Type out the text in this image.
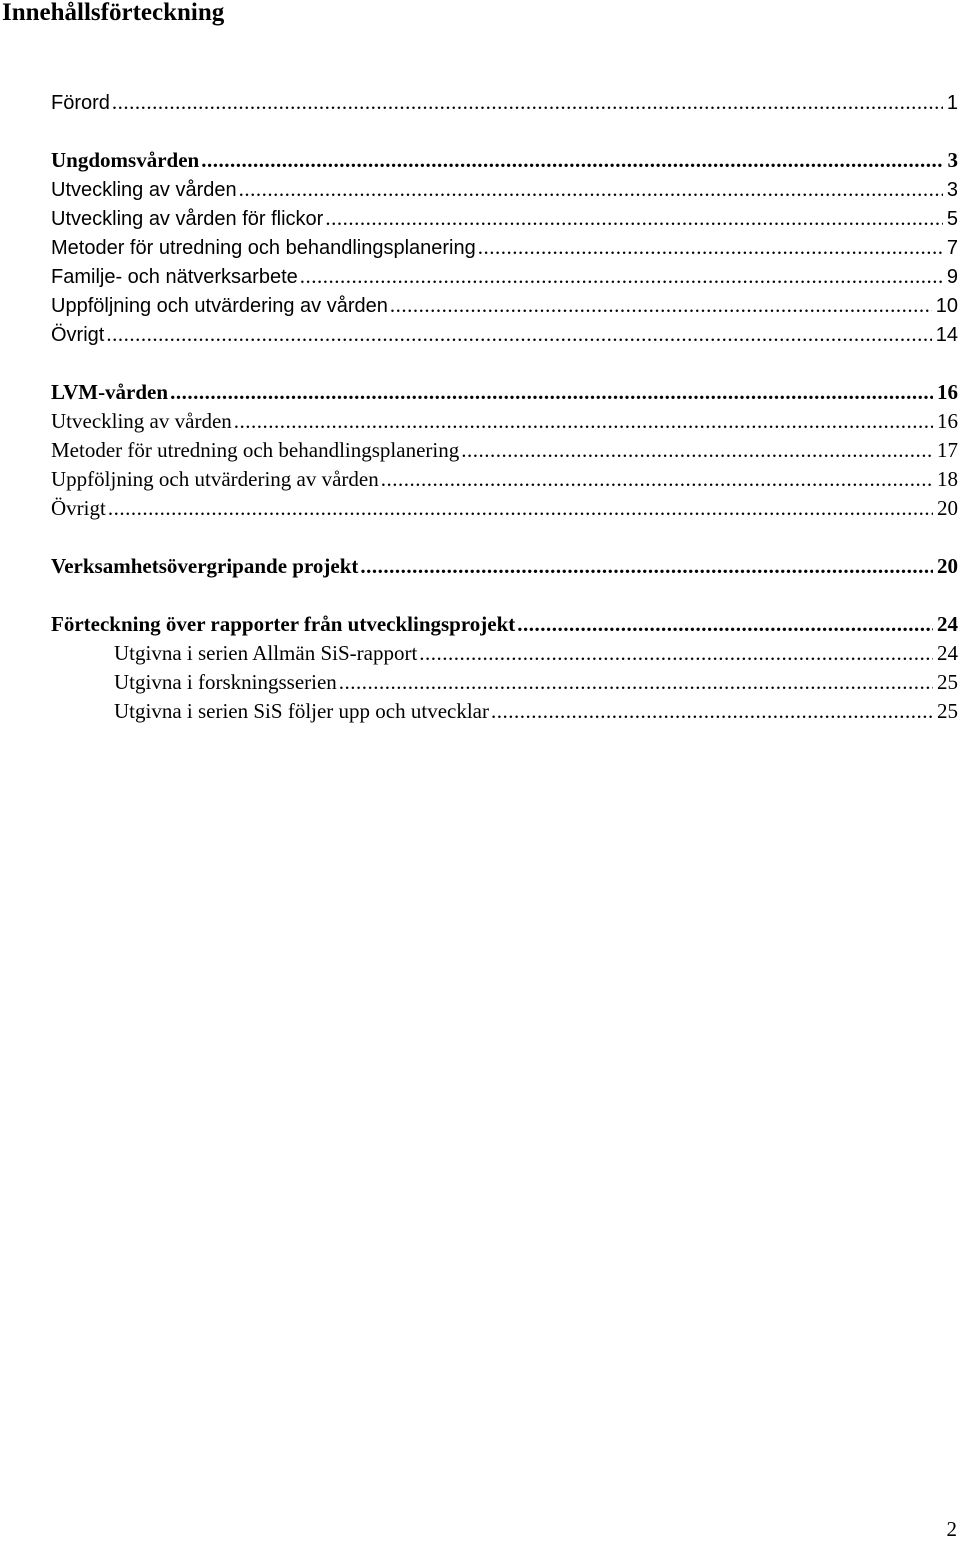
Innehållsförteckning
Förord .....	1
Ungdomsvården .....	3
Utveckling av vården .....	3
Utveckling av vården för flickor .....	5
Metoder för utredning och behandlingsplanering .....	7
Familje- och nätverksarbete .....	9
Uppföljning och utvärdering av vården .....	10
Övrigt .....	14
LVM-vården .....	16
Utveckling av vården .....	16
Metoder för utredning och behandlingsplanering .....	17
Uppföljning och utvärdering av vården .....	18
Övrigt .....	20
Verksamhetsövergripande projekt .....	20
Förteckning över rapporter från utvecklingsprojekt .....	24
Utgivna i serien Allmän SiS-rapport .....	24
Utgivna i forskningsserien .....	25
Utgivna i serien SiS följer upp och utvecklar .....	25
2
